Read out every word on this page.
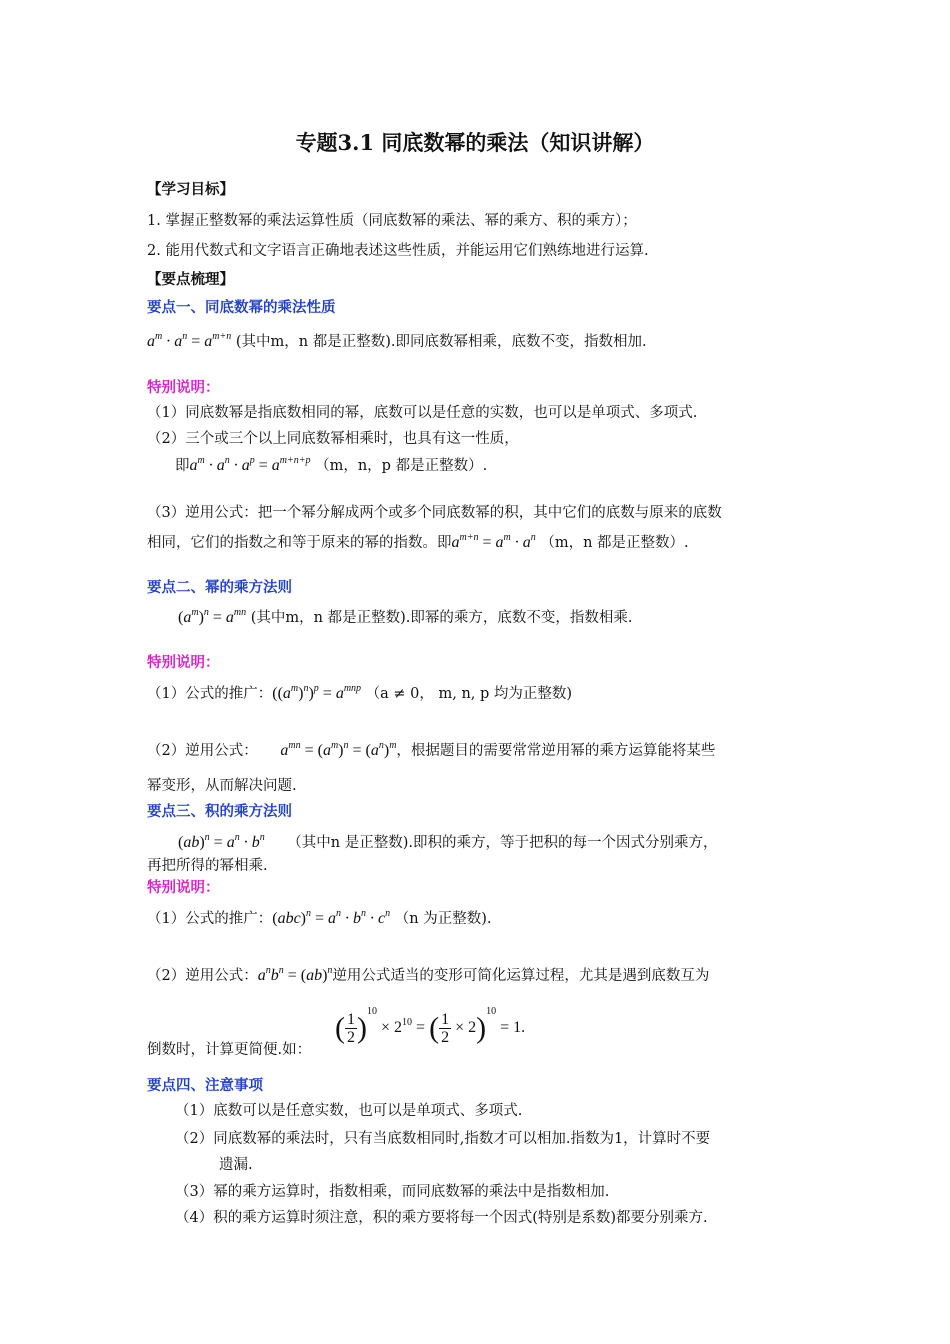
专题3.1 同底数幂的乘法（知识讲解）
【学习目标】
1. 掌握正整数幂的乘法运算性质（同底数幂的乘法、幂的乘方、积的乘方）；
2. 能用代数式和文字语言正确地表述这些性质，并能运用它们熟练地进行运算.
【要点梳理】
要点一、同底数幂的乘法性质
$a^m \cdot a^n = a^{m+n}$ (其中m，n 都是正整数).即同底数幂相乘，底数不变，指数相加.
特别说明：
（1）同底数幂是指底数相同的幂，底数可以是任意的实数，也可以是单项式、多项式.
（2）三个或三个以上同底数幂相乘时，也具有这一性质，
即$a^m \cdot a^n \cdot a^p = a^{m+n+p}$ （m，n，p 都是正整数）.
（3）逆用公式：把一个幂分解成两个或多个同底数幂的积，其中它们的底数与原来的底数
相同，它们的指数之和等于原来的幂的指数。即$a^{m+n} = a^m \cdot a^n$ （m，n 都是正整数）.
要点二、幂的乘方法则
$(a^m)^n = a^{mn}$ (其中m，n 都是正整数).即幂的乘方，底数不变，指数相乘.
特别说明：
（1）公式的推广：$((a^m)^n)^p = a^{mnp}$ （a ≠ 0， m, n, p 均为正整数)
（2）逆用公式： $a^{mn} = (a^m)^n = (a^n)^m$，根据题目的需要常常逆用幂的乘方运算能将某些
幂变形，从而解决问题.
要点三、积的乘方法则
$(ab)^n = a^n \cdot b^n$ （其中n 是正整数).即积的乘方，等于把积的每一个因式分别乘方，
再把所得的幂相乘.
特别说明：
（1）公式的推广：$(abc)^n = a^n \cdot b^n \cdot c^n$ （n 为正整数).
（2）逆用公式：$a^nb^n = (ab)^n$逆用公式适当的变形可简化运算过程，尤其是遇到底数互为
倒数时，计算更简便.如：
( $\frac{1}{2} )^{10} \times 2^{10}$ = ( $\frac{1}{2} \times 2)^{10} = 1$.
要点四、注意事项
（1）底数可以是任意实数，也可以是单项式、多项式.
（2）同底数幂的乘法时，只有当底数相同时,指数才可以相加.指数为1，计算时不要
遗漏.
（3）幂的乘方运算时，指数相乘，而同底数幂的乘法中是指数相加.
（4）积的乘方运算时须注意，积的乘方要将每一个因式(特别是系数)都要分别乘方.
